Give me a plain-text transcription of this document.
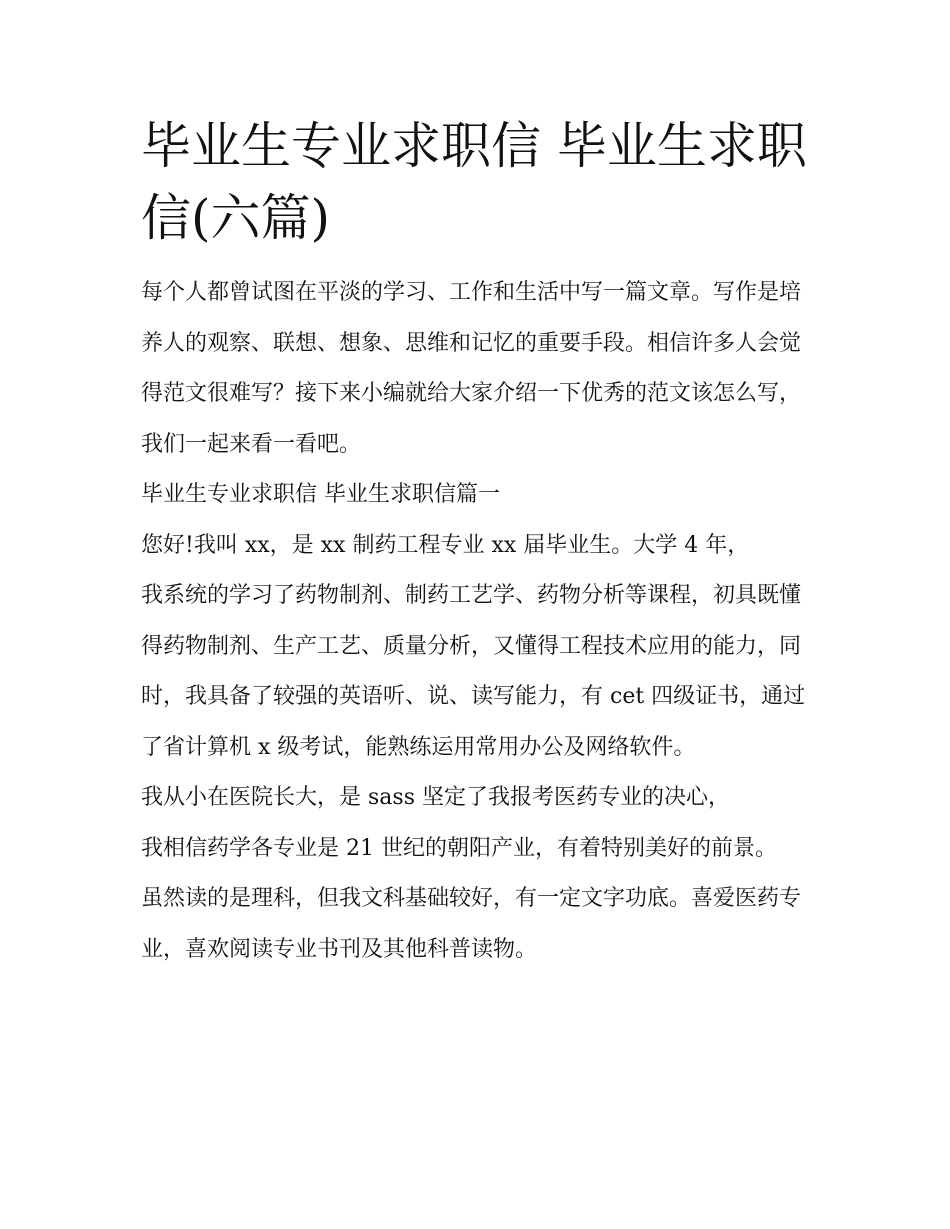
毕业生专业求职信 毕业生求职信(六篇)

每个人都曾试图在平淡的学习、工作和生活中写一篇文章。写作是培养人的观察、联想、想象、思维和记忆的重要手段。相信许多人会觉得范文很难写？接下来小编就给大家介绍一下优秀的范文该怎么写，我们一起来看一看吧。

毕业生专业求职信 毕业生求职信篇一

您好!我叫 xx，是 xx 制药工程专业 xx 届毕业生。大学 4 年，

我系统的学习了药物制剂、制药工艺学、药物分析等课程，初具既懂得药物制剂、生产工艺、质量分析，又懂得工程技术应用的能力，同时，我具备了较强的英语听、说、读写能力，有 cet 四级证书，通过了省计算机 x 级考试，能熟练运用常用办公及网络软件。

我从小在医院长大，是 sass 坚定了我报考医药专业的决心，

我相信药学各专业是 21 世纪的朝阳产业，有着特别美好的前景。

虽然读的是理科，但我文科基础较好，有一定文字功底。喜爱医药专业，喜欢阅读专业书刊及其他科普读物。
